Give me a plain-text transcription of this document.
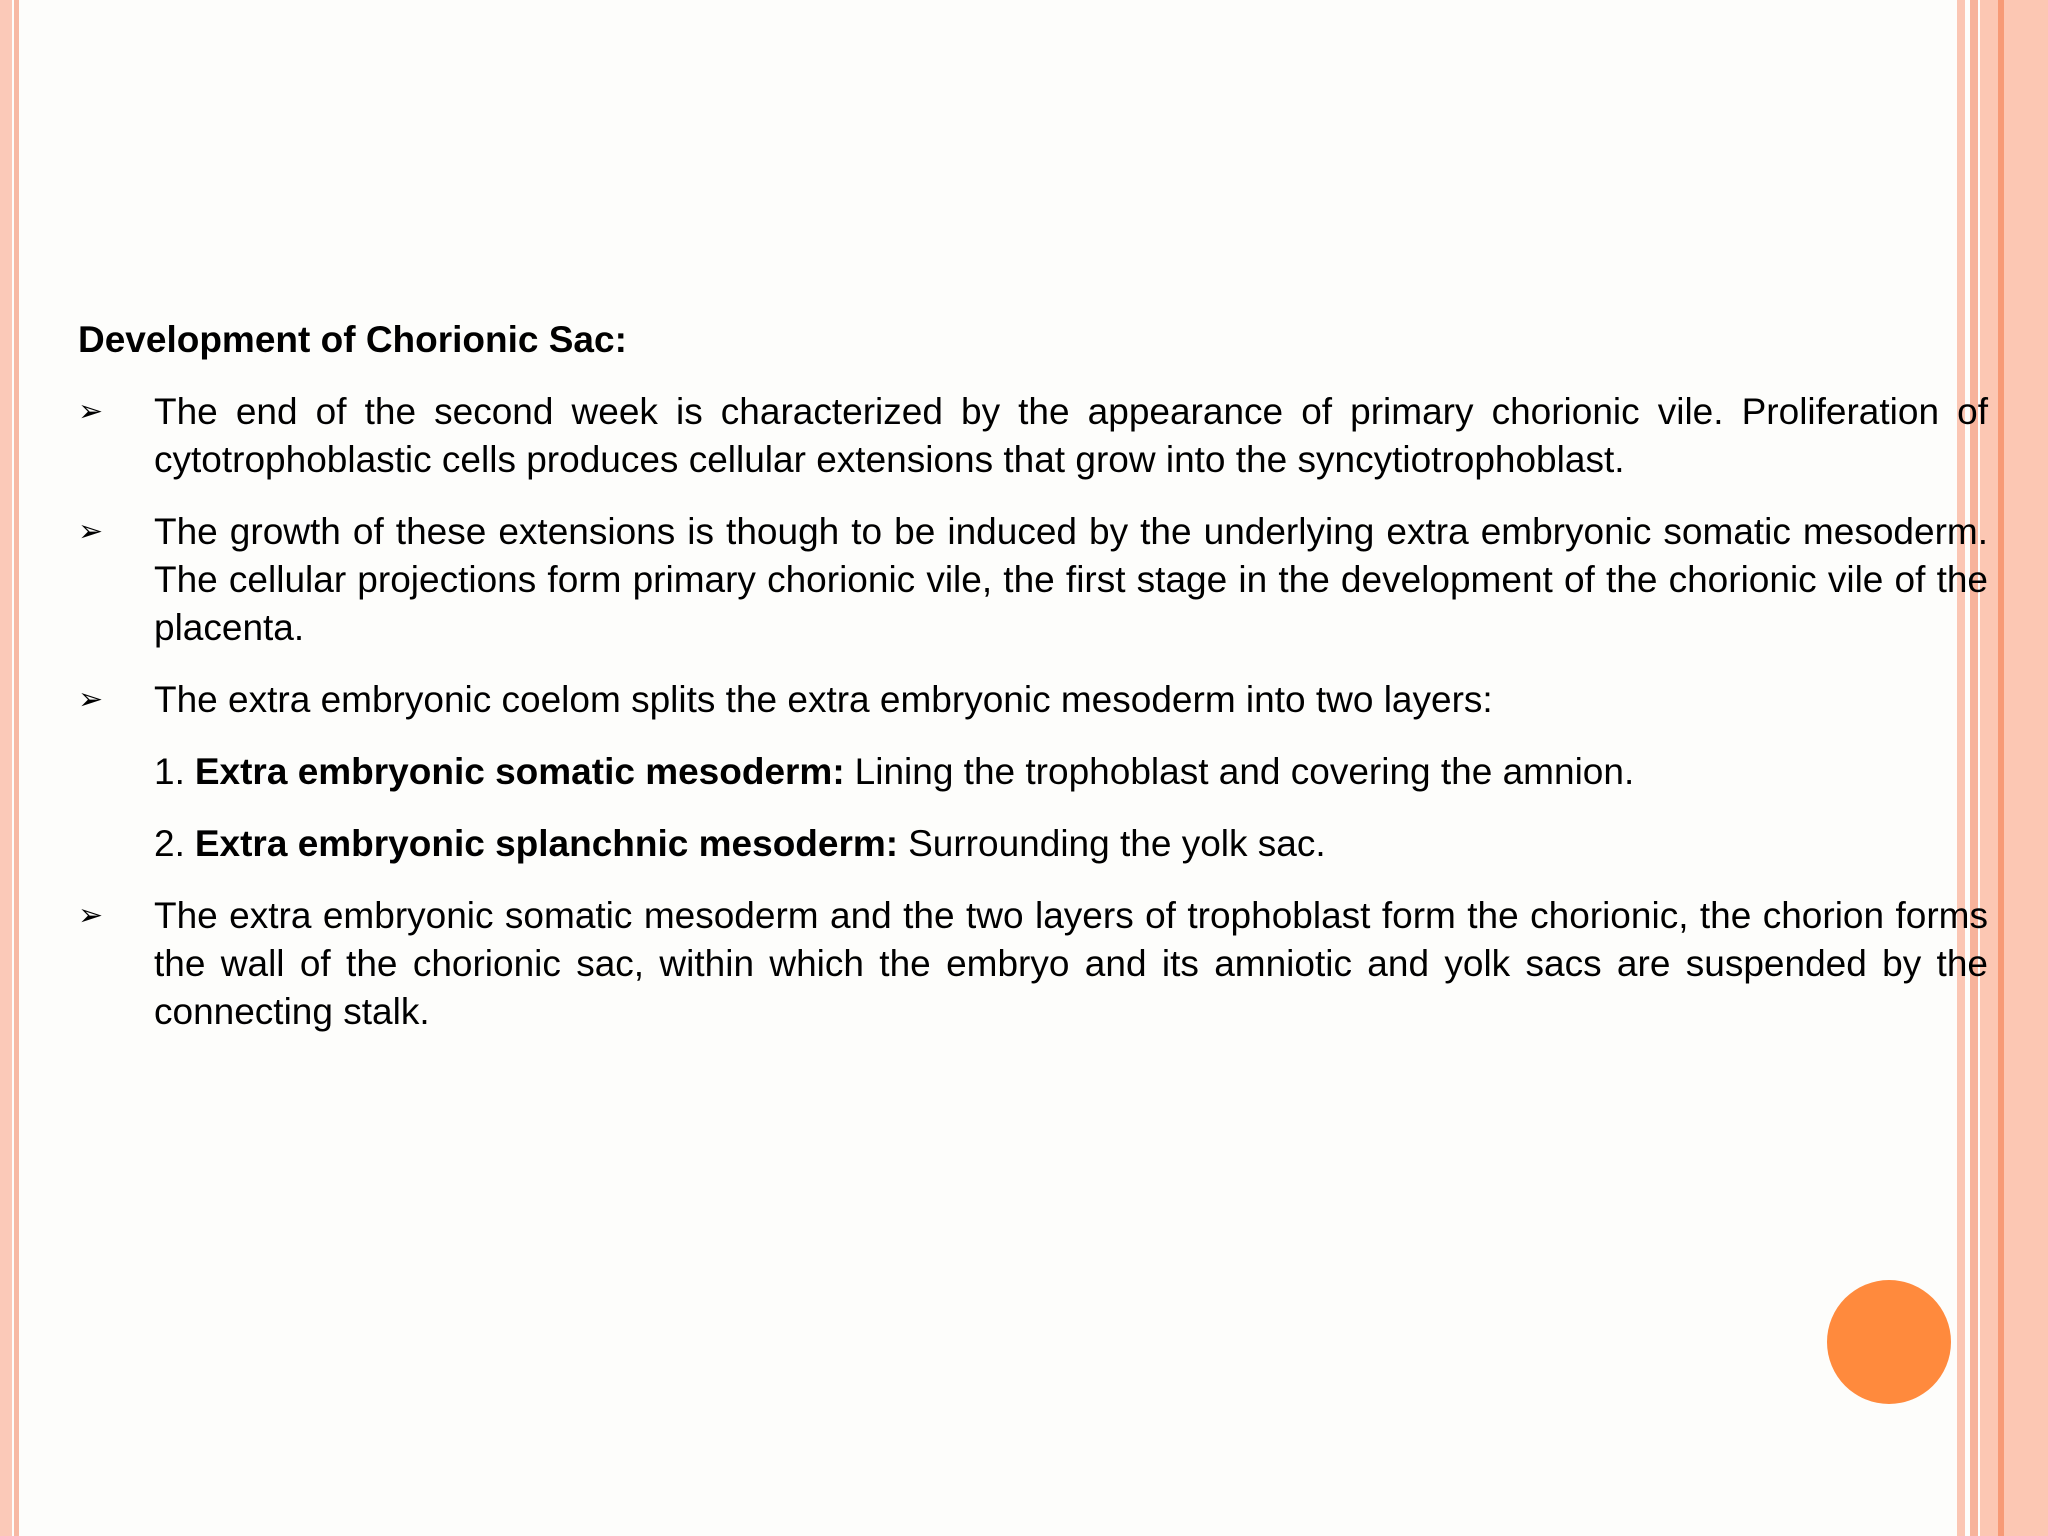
Development of Chorionic Sac:
➢	The end of the second week is characterized by the appearance of primary chorionic vile. Proliferation of cytotrophoblastic cells produces cellular extensions that grow into the syncytiotrophoblast.
➢	The growth of these extensions is though to be induced by the underlying extra embryonic somatic mesoderm. The cellular projections form primary chorionic vile, the first stage in the development of the chorionic vile of the placenta.
➢	The extra embryonic coelom splits the extra embryonic mesoderm into two layers:
1. Extra embryonic somatic mesoderm: Lining the trophoblast and covering the amnion.
2. Extra embryonic splanchnic mesoderm: Surrounding the yolk sac.
➢	The extra embryonic somatic mesoderm and the two layers of trophoblast form the chorionic, the chorion forms the wall of the chorionic sac, within which the embryo and its amniotic and yolk sacs are suspended by the connecting stalk.
